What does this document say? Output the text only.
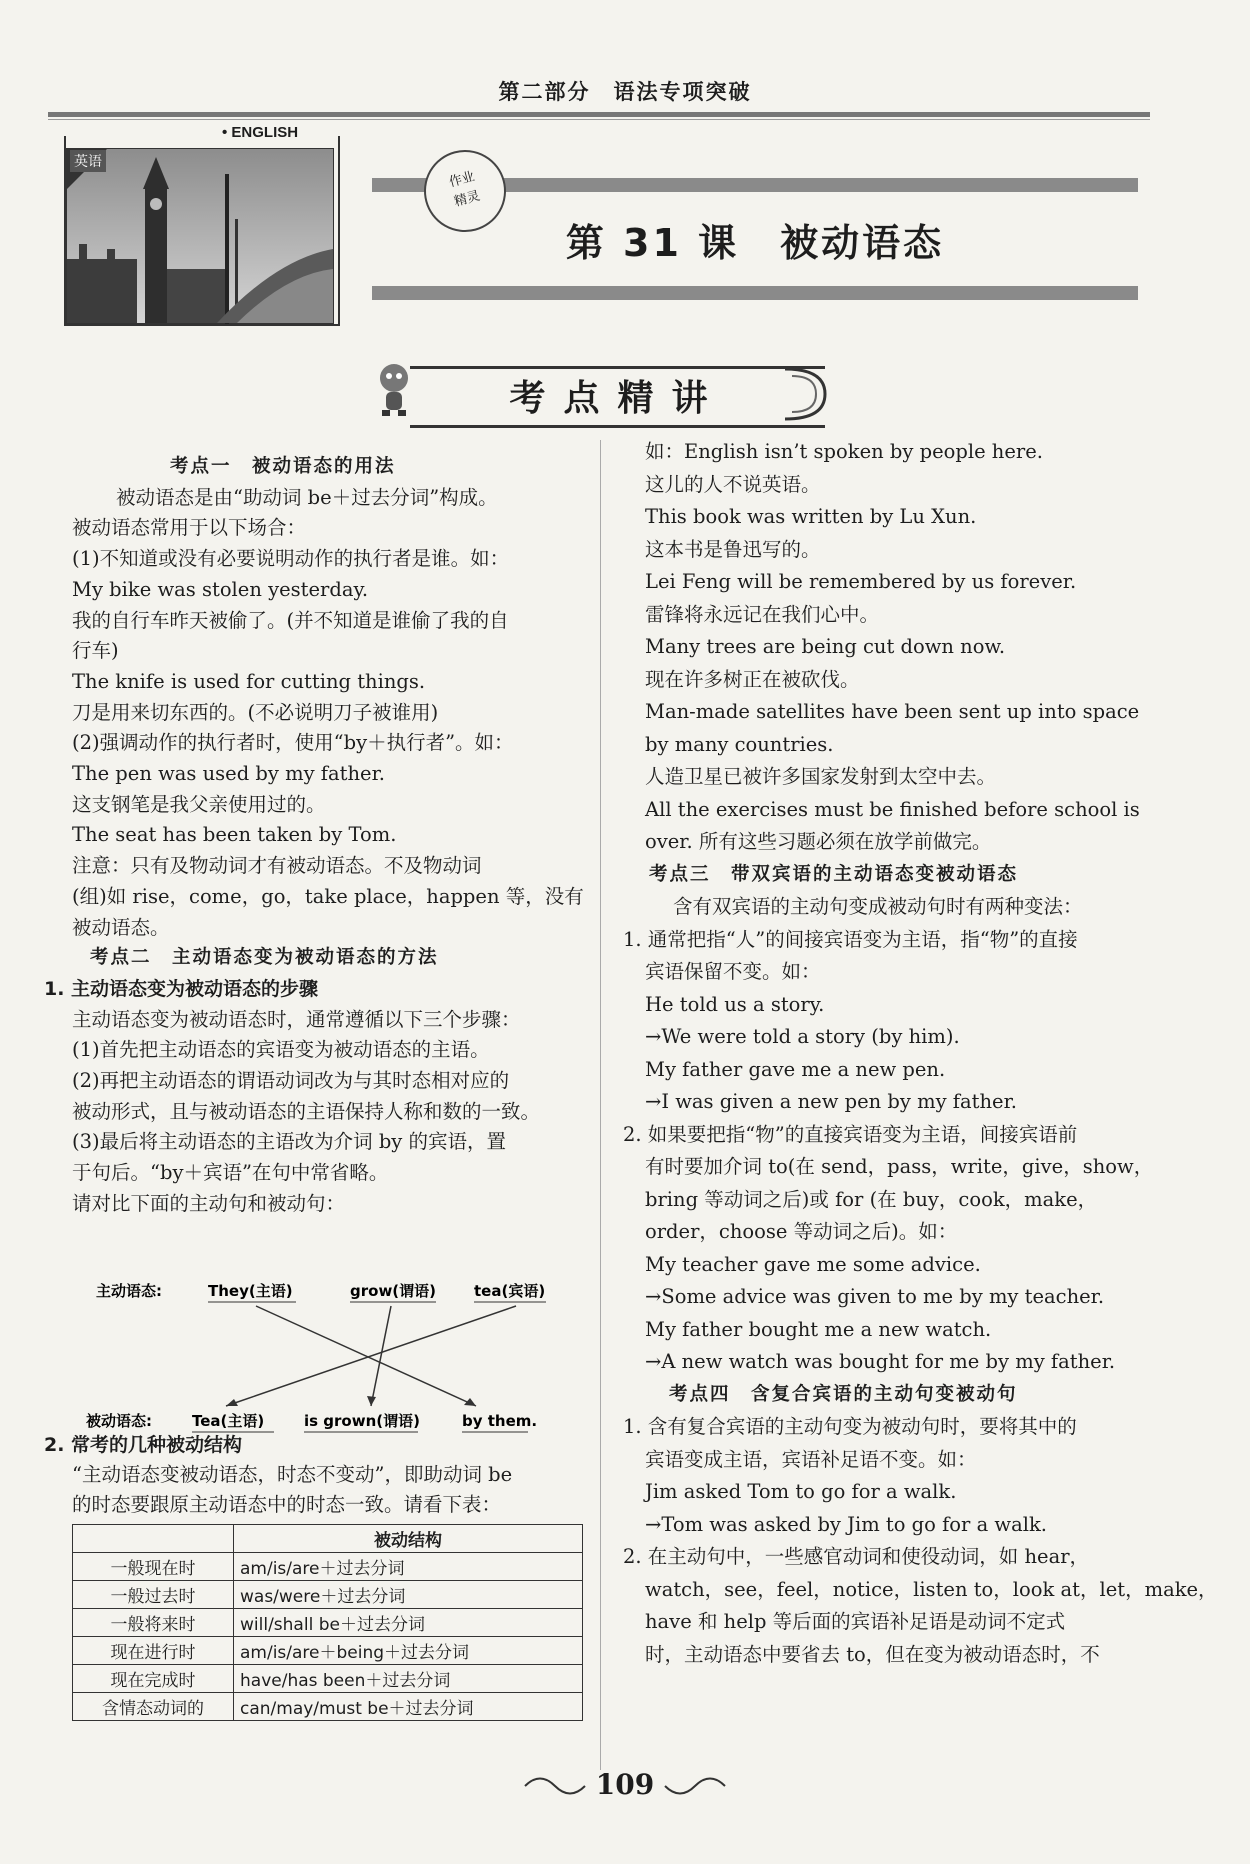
第二部分　语法专项突破
• ENGLISH
英语
作业
精灵
第 31 课　被动语态
考点精讲
考点一　被动语态的用法
被动语态是由“助动词 be＋过去分词”构成。
被动语态常用于以下场合：
(1)不知道或没有必要说明动作的执行者是谁。如：
My bike was stolen yesterday.
我的自行车昨天被偷了。(并不知道是谁偷了我的自
行车)
The knife is used for cutting things.
刀是用来切东西的。(不必说明刀子被谁用)
(2)强调动作的执行者时，使用“by＋执行者”。如：
The pen was used by my father.
这支钢笔是我父亲使用过的。
The seat has been taken by Tom.
注意：只有及物动词才有被动语态。不及物动词
(组)如 rise，come，go，take place，happen 等，没有
被动语态。
考点二　主动语态变为被动语态的方法
1. 主动语态变为被动语态的步骤
主动语态变为被动语态时，通常遵循以下三个步骤：
(1)首先把主动语态的宾语变为被动语态的主语。
(2)再把主动语态的谓语动词改为与其时态相对应的
被动形式，且与被动语态的主语保持人称和数的一致。
(3)最后将主动语态的主语改为介词 by 的宾语，置
于句后。“by＋宾语”在句中常省略。
请对比下面的主动句和被动句：
主动语态:	They(主语)	grow(谓语)	tea(宾语)
被动语态:	Tea(主语)	is grown(谓语)	by them.
2. 常考的几种被动结构
“主动语态变被动语态，时态不变动”，即助动词 be
的时态要跟原主动语态中的时态一致。请看下表：
	被动结构
一般现在时	am/is/are＋过去分词
一般过去时	was/were＋过去分词
一般将来时	will/shall be＋过去分词
现在进行时	am/is/are＋being＋过去分词
现在完成时	have/has been＋过去分词
含情态动词的	can/may/must be＋过去分词
如：English isn’t spoken by people here.
这儿的人不说英语。
This book was written by Lu Xun.
这本书是鲁迅写的。
Lei Feng will be remembered by us forever.
雷锋将永远记在我们心中。
Many trees are being cut down now.
现在许多树正在被砍伐。
Man-made satellites have been sent up into space
by many countries.
人造卫星已被许多国家发射到太空中去。
All the exercises must be finished before school is
over. 所有这些习题必须在放学前做完。
考点三　带双宾语的主动语态变被动语态
含有双宾语的主动句变成被动句时有两种变法：
1. 通常把指“人”的间接宾语变为主语，指“物”的直接
宾语保留不变。如：
He told us a story.
→We were told a story (by him).
My father gave me a new pen.
→I was given a new pen by my father.
2. 如果要把指“物”的直接宾语变为主语，间接宾语前
有时要加介词 to(在 send，pass，write，give，show，
bring 等动词之后)或 for (在 buy，cook，make，
order，choose 等动词之后)。如：
My teacher gave me some advice.
→Some advice was given to me by my teacher.
My father bought me a new watch.
→A new watch was bought for me by my father.
考点四　含复合宾语的主动句变被动句
1. 含有复合宾语的主动句变为被动句时，要将其中的
宾语变成主语，宾语补足语不变。如：
Jim asked Tom to go for a walk.
→Tom was asked by Jim to go for a walk.
2. 在主动句中，一些感官动词和使役动词，如 hear，
watch，see，feel，notice，listen to，look at，let，make，
have 和 help 等后面的宾语补足语是动词不定式
时，主动语态中要省去 to，但在变为被动语态时，不
109
